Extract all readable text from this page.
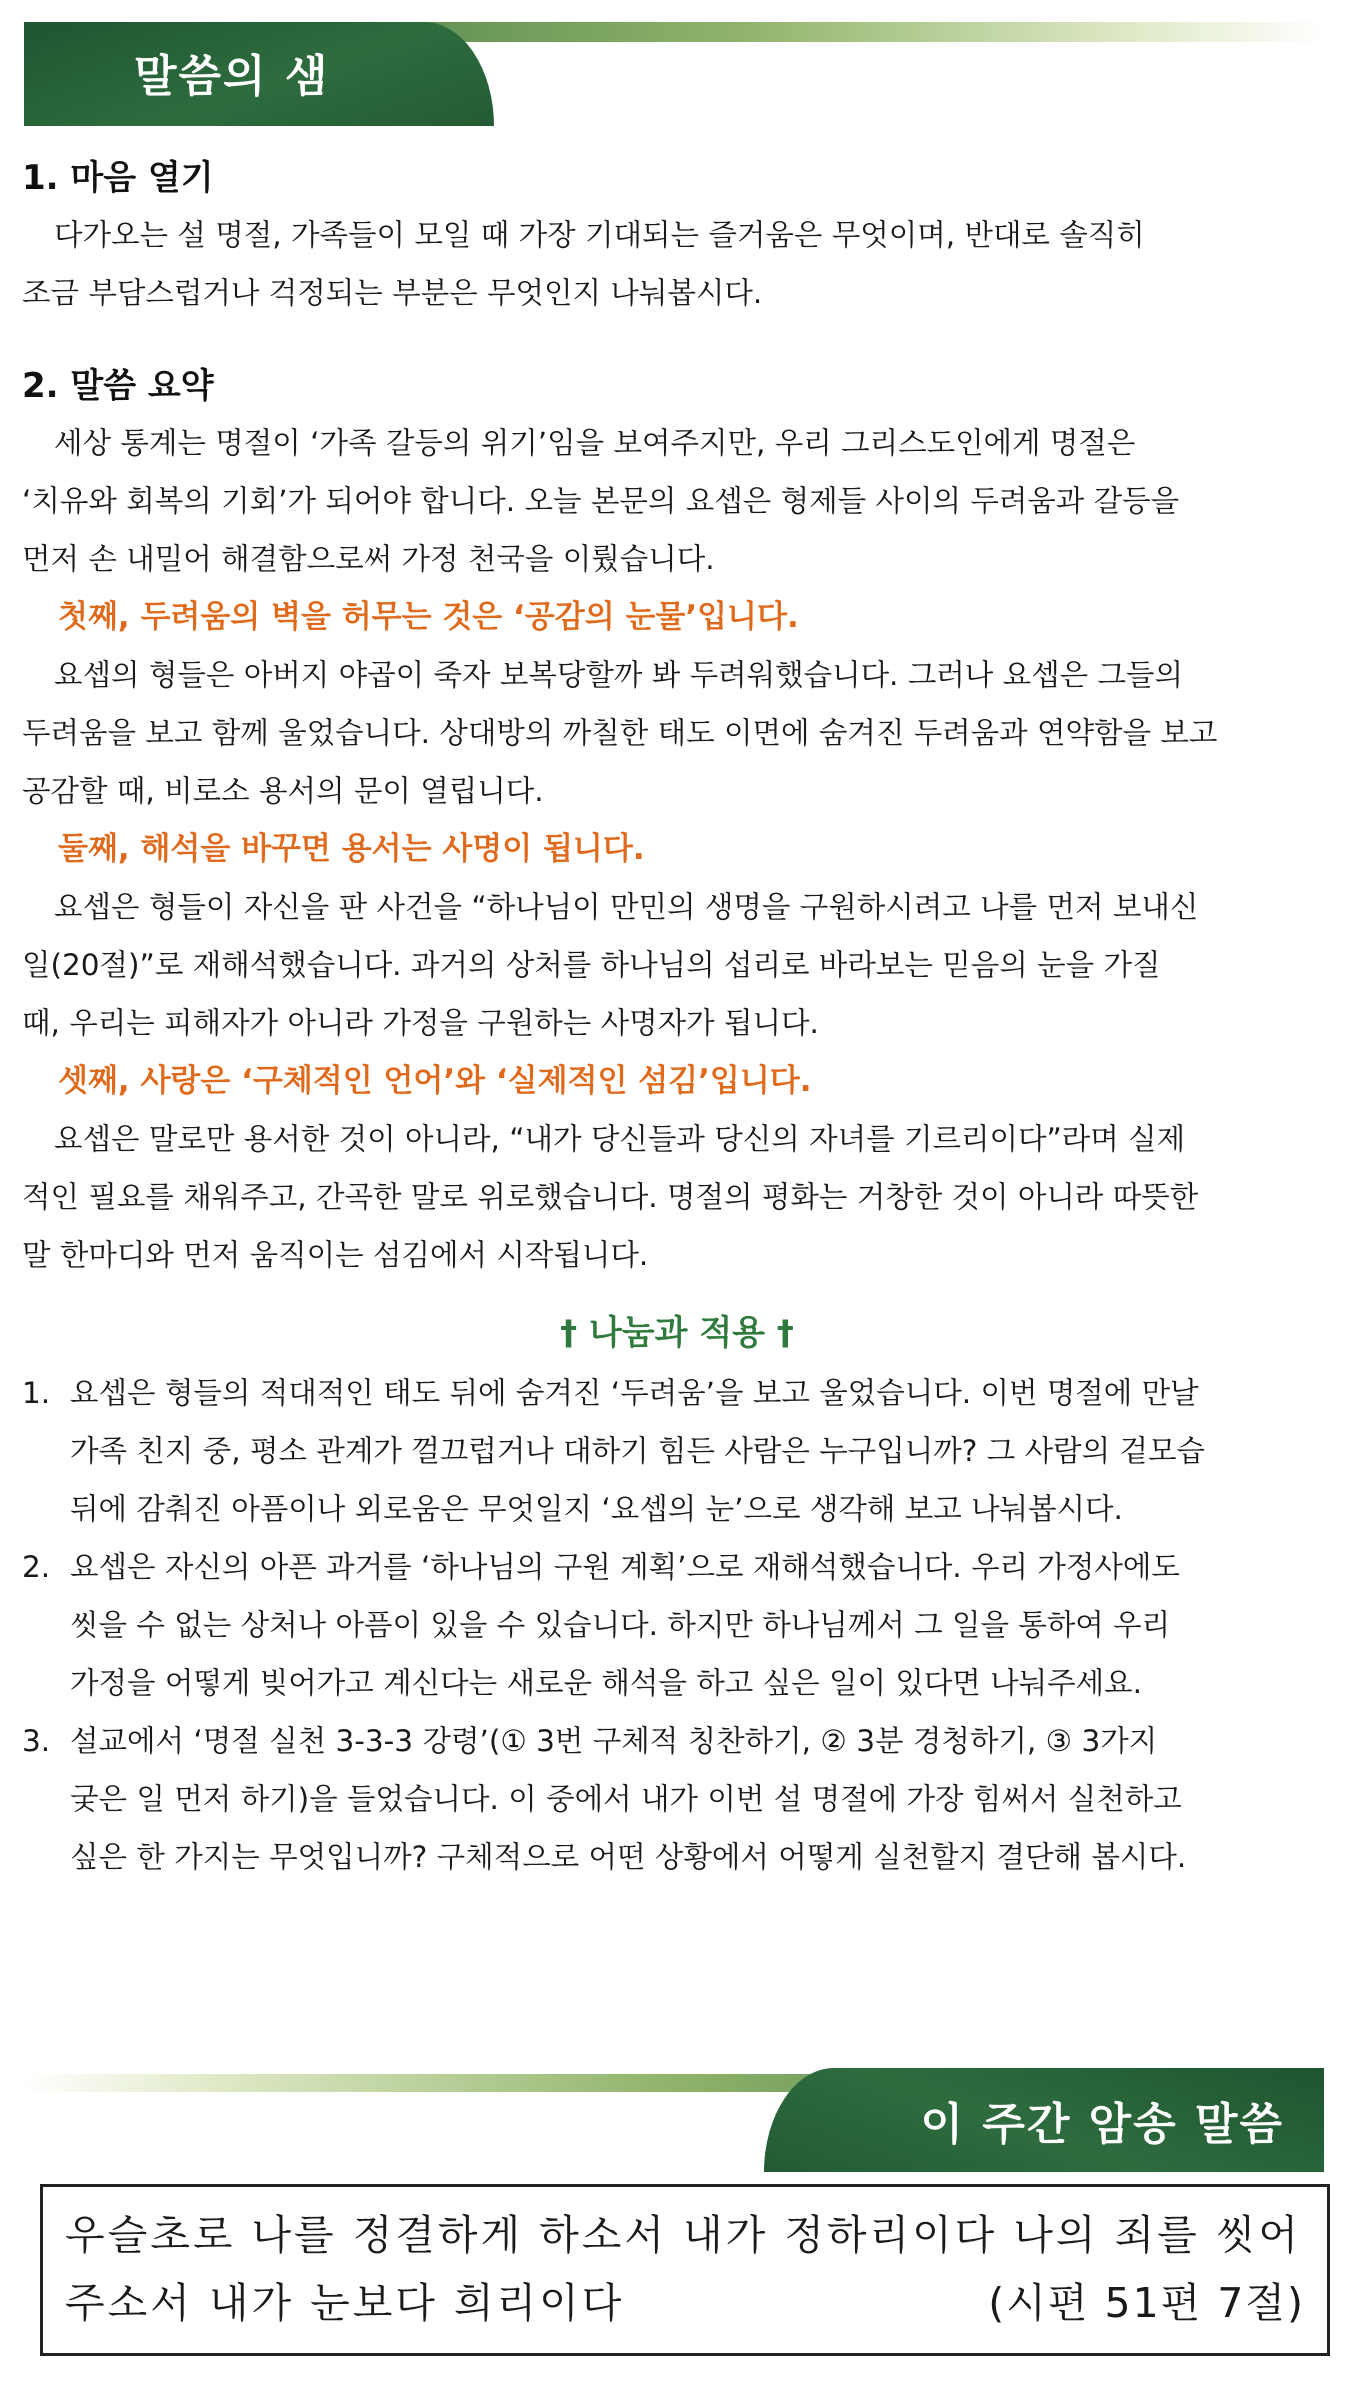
말씀의 샘
1. 마음 열기
다가오는 설 명절, 가족들이 모일 때 가장 기대되는 즐거움은 무엇이며, 반대로 솔직히
조금 부담스럽거나 걱정되는 부분은 무엇인지 나눠봅시다.
2. 말씀 요약
세상 통계는 명절이 ‘가족 갈등의 위기’임을 보여주지만, 우리 그리스도인에게 명절은
‘치유와 회복의 기회’가 되어야 합니다. 오늘 본문의 요셉은 형제들 사이의 두려움과 갈등을
먼저 손 내밀어 해결함으로써 가정 천국을 이뤘습니다.
첫째, 두려움의 벽을 허무는 것은 ‘공감의 눈물’입니다.
요셉의 형들은 아버지 야곱이 죽자 보복당할까 봐 두려워했습니다. 그러나 요셉은 그들의
두려움을 보고 함께 울었습니다. 상대방의 까칠한 태도 이면에 숨겨진 두려움과 연약함을 보고
공감할 때, 비로소 용서의 문이 열립니다.
둘째, 해석을 바꾸면 용서는 사명이 됩니다.
요셉은 형들이 자신을 판 사건을 “하나님이 만민의 생명을 구원하시려고 나를 먼저 보내신
일(20절)”로 재해석했습니다. 과거의 상처를 하나님의 섭리로 바라보는 믿음의 눈을 가질
때, 우리는 피해자가 아니라 가정을 구원하는 사명자가 됩니다.
셋째, 사랑은 ‘구체적인 언어’와 ‘실제적인 섬김’입니다.
요셉은 말로만 용서한 것이 아니라, “내가 당신들과 당신의 자녀를 기르리이다”라며 실제
적인 필요를 채워주고, 간곡한 말로 위로했습니다. 명절의 평화는 거창한 것이 아니라 따뜻한
말 한마디와 먼저 움직이는 섬김에서 시작됩니다.
† 나눔과 적용 †
1. 요셉은 형들의 적대적인 태도 뒤에 숨겨진 ‘두려움’을 보고 울었습니다. 이번 명절에 만날
가족 친지 중, 평소 관계가 껄끄럽거나 대하기 힘든 사람은 누구입니까? 그 사람의 겉모습
뒤에 감춰진 아픔이나 외로움은 무엇일지 ‘요셉의 눈’으로 생각해 보고 나눠봅시다.
2. 요셉은 자신의 아픈 과거를 ‘하나님의 구원 계획’으로 재해석했습니다. 우리 가정사에도
씻을 수 없는 상처나 아픔이 있을 수 있습니다. 하지만 하나님께서 그 일을 통하여 우리
가정을 어떻게 빚어가고 계신다는 새로운 해석을 하고 싶은 일이 있다면 나눠주세요.
3. 설교에서 ‘명절 실천 3-3-3 강령’(① 3번 구체적 칭찬하기, ② 3분 경청하기, ③ 3가지
궂은 일 먼저 하기)을 들었습니다. 이 중에서 내가 이번 설 명절에 가장 힘써서 실천하고
싶은 한 가지는 무엇입니까? 구체적으로 어떤 상황에서 어떻게 실천할지 결단해 봅시다.
이 주간 암송 말씀
우슬초로 나를 정결하게 하소서 내가 정하리이다 나의 죄를 씻어
주소서 내가 눈보다 희리이다	(시편 51편 7절)
